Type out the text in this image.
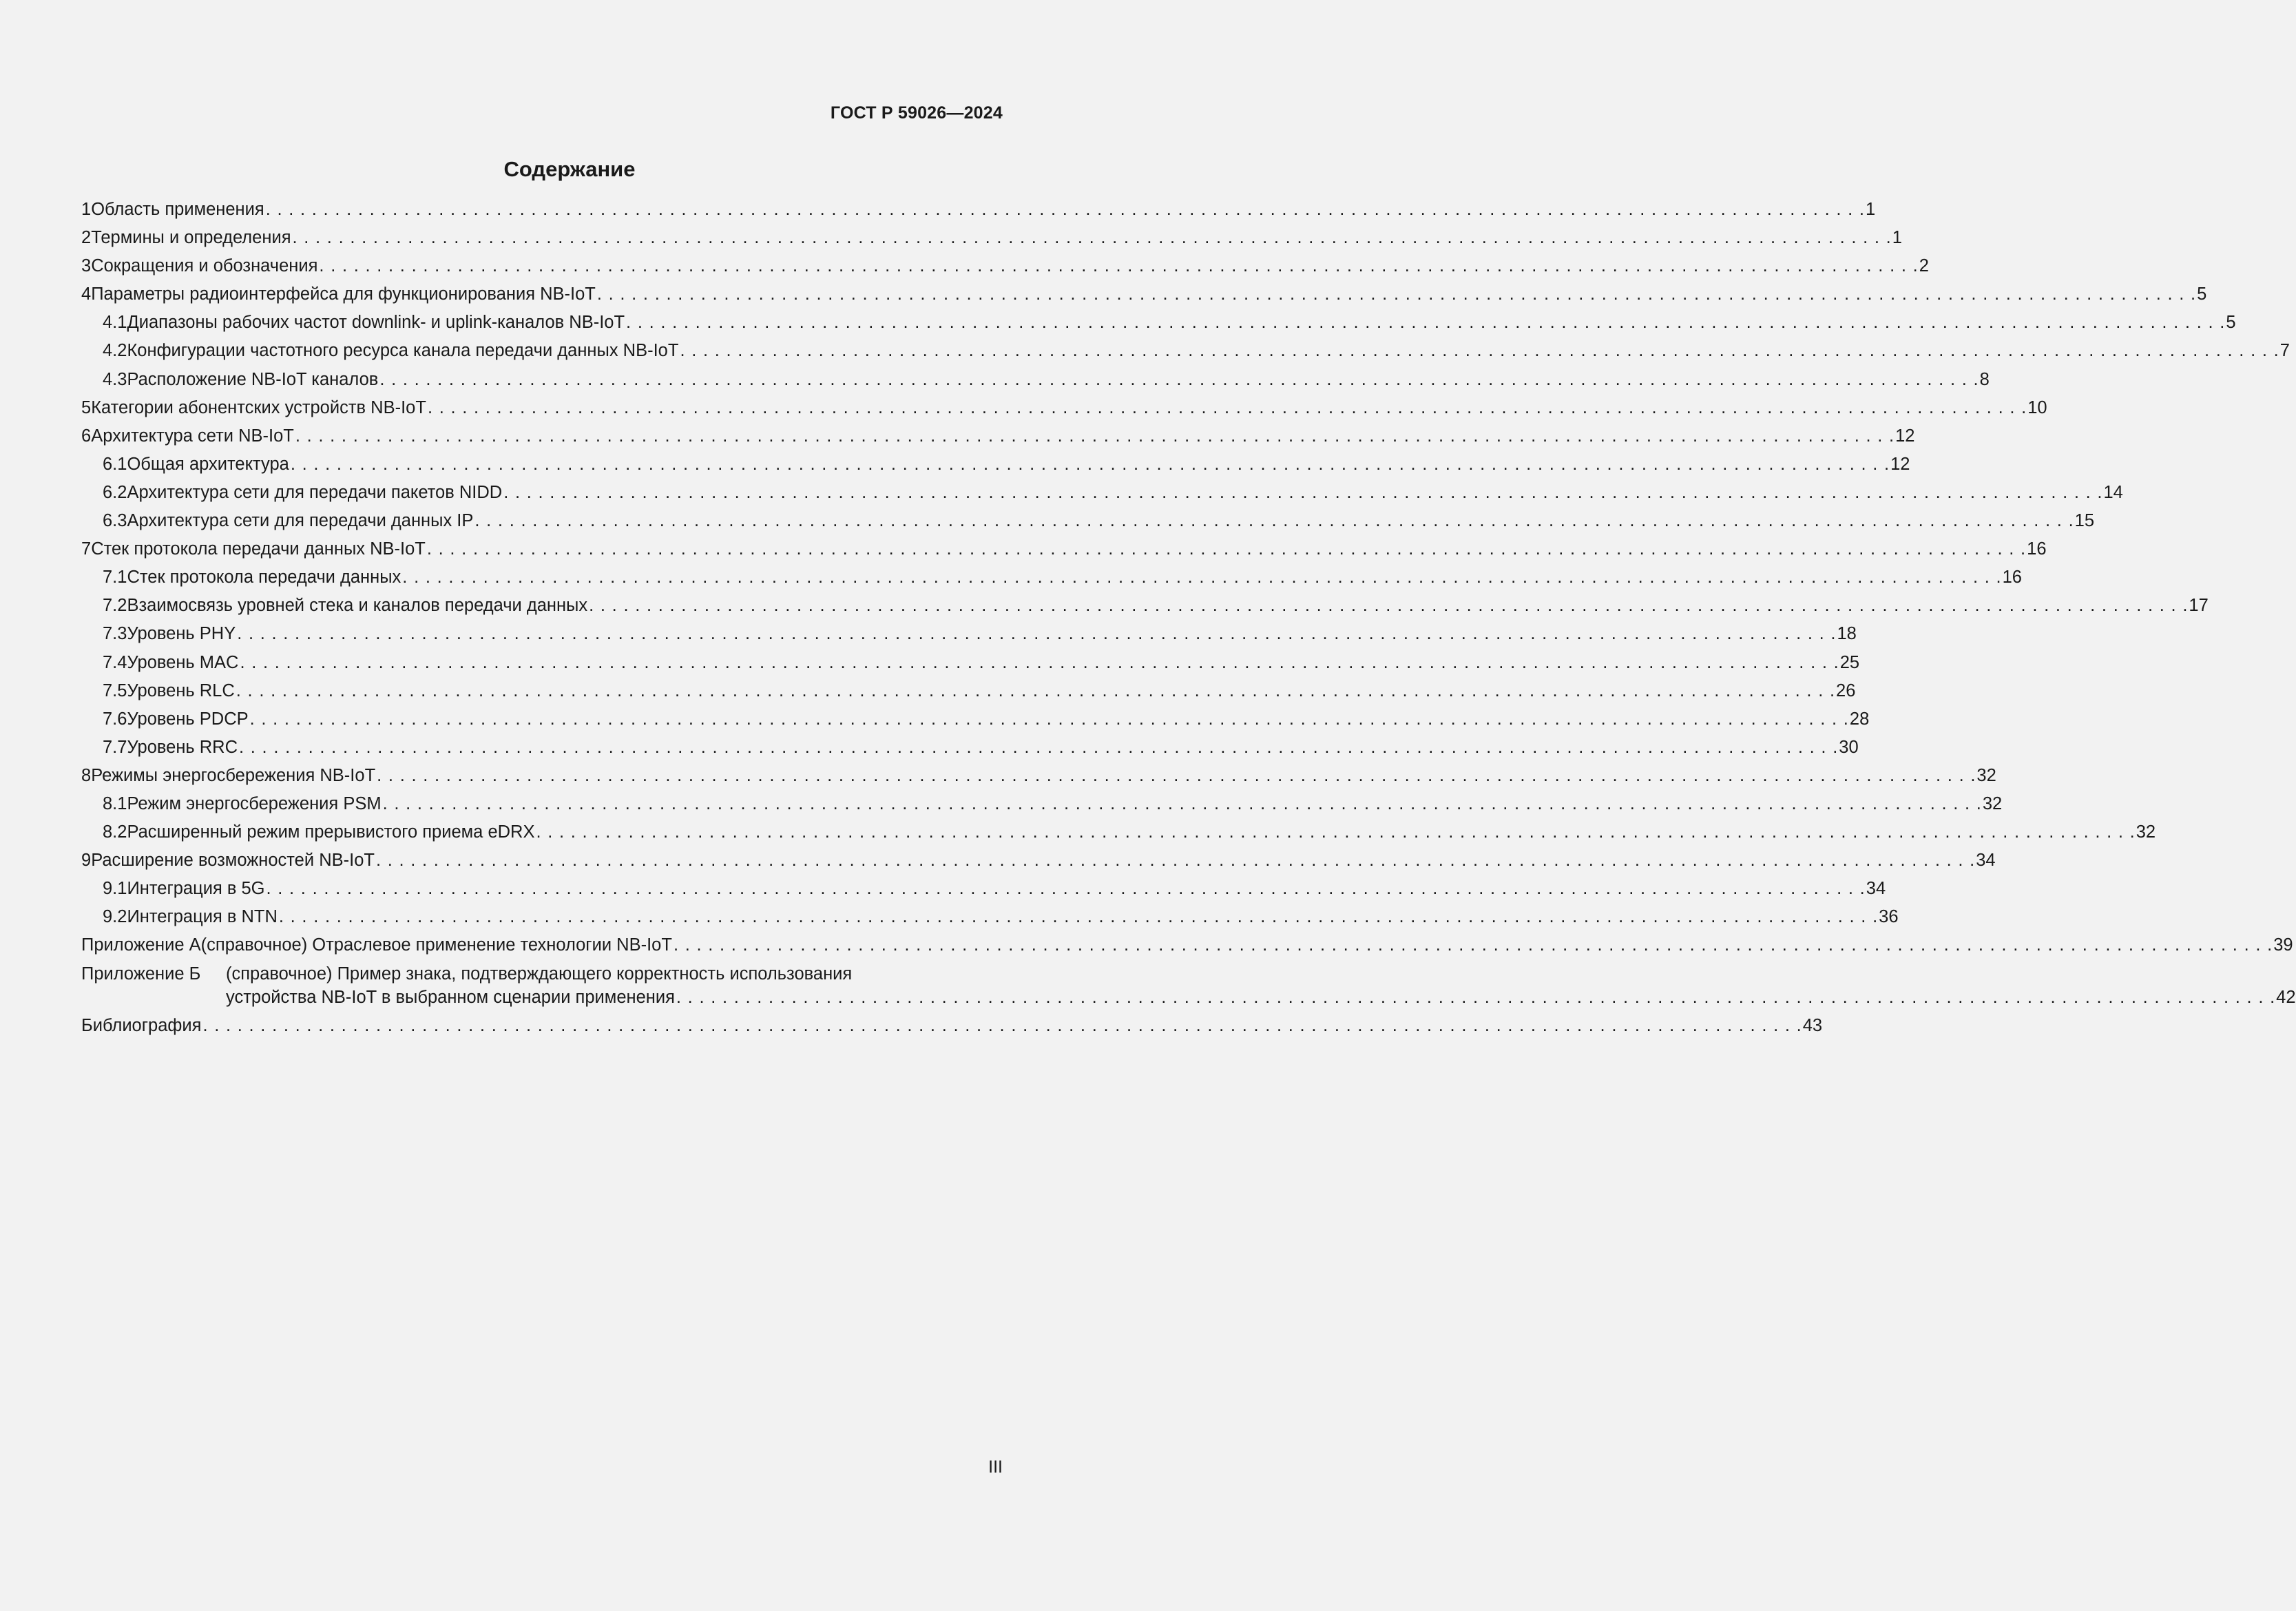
ГОСТ Р 59026—2024
Содержание
1 Область применения . . .	1
2 Термины и определения . . .	1
3 Сокращения и обозначения . . .	2
4 Параметры радиоинтерфейса для функционирования NB-IoT . . .	5
4.1 Диапазоны рабочих частот downlink- и uplink-каналов NB-IoT . . .	5
4.2 Конфигурации частотного ресурса канала передачи данных NB-IoT . . .	7
4.3 Расположение NB-IoT каналов . . .	8
5 Категории абонентских устройств NB-IoT . . .	10
6 Архитектура сети NB-IoT . . .	12
6.1 Общая архитектура . . .	12
6.2 Архитектура сети для передачи пакетов NIDD . . .	14
6.3 Архитектура сети для передачи данных IP . . .	15
7 Стек протокола передачи данных NB-IoT . . .	16
7.1 Стек протокола передачи данных . . .	16
7.2 Взаимосвязь уровней стека и каналов передачи данных . . .	17
7.3 Уровень PHY . . .	18
7.4 Уровень MAC . . .	25
7.5 Уровень RLC . . .	26
7.6 Уровень PDCP . . .	28
7.7 Уровень RRC . . .	30
8 Режимы энергосбережения NB-IoT . . .	32
8.1 Режим энергосбережения PSM . . .	32
8.2 Расширенный режим прерывистого приема eDRX . . .	32
9 Расширение возможностей NB-IoT . . .	34
9.1 Интеграция в 5G . . .	34
9.2 Интеграция в NTN . . .	36
Приложение А (справочное) Отраслевое применение технологии NB-IoT . . .	39
Приложение Б	(справочное) Пример знака, подтверждающего корректность использования
устройства NB-IoT в выбранном сценарии применения . . .	42
Библиография . . .	43
III
